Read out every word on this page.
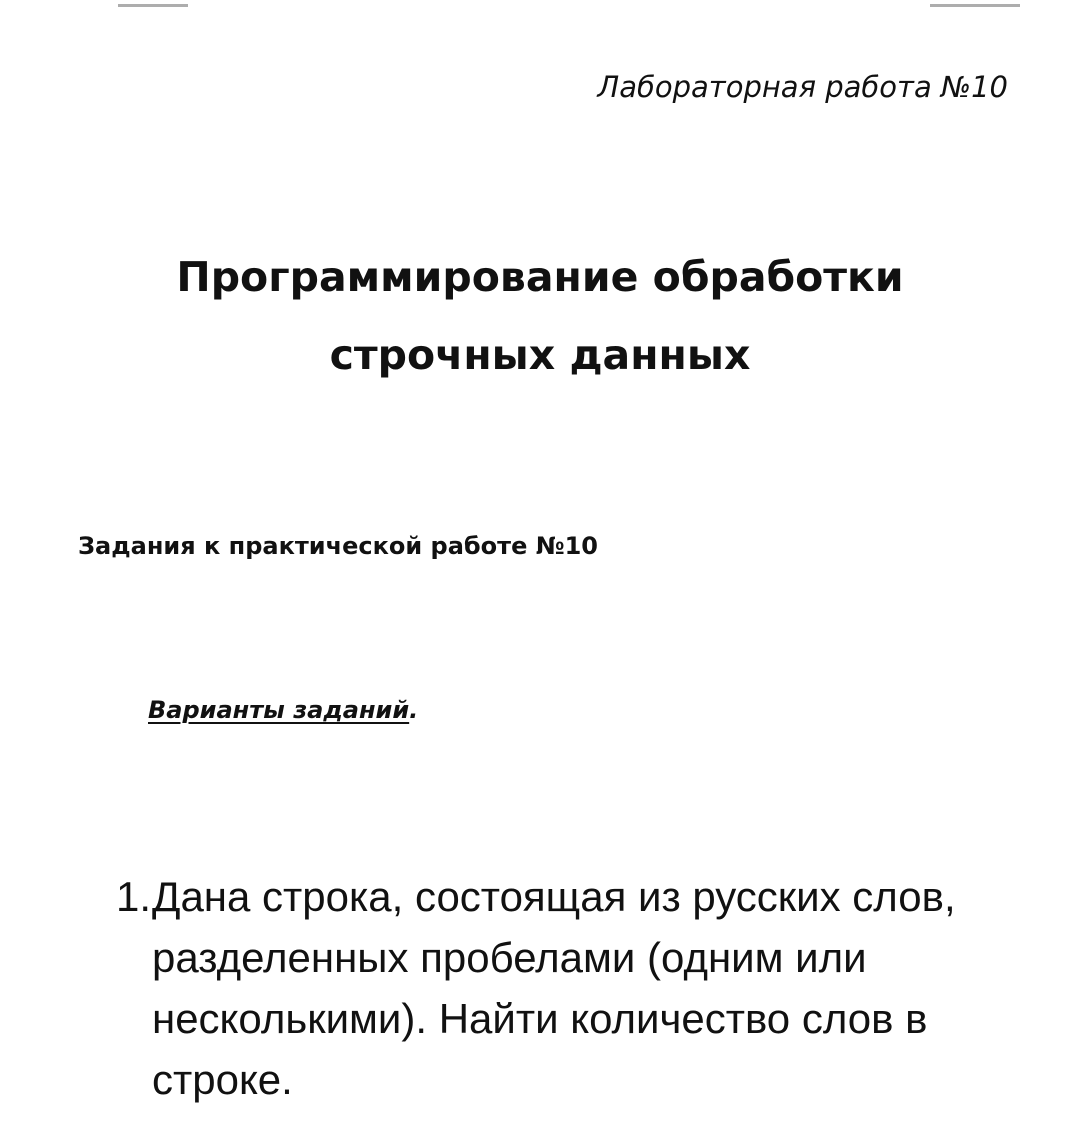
Лабораторная работа №10
Программирование обработки
строчных данных
Задания к практической работе №10
Варианты заданий.
1. Дана строка, состоящая из русских слов, разделенных пробелами (одним или несколькими). Найти количество слов в строке.
